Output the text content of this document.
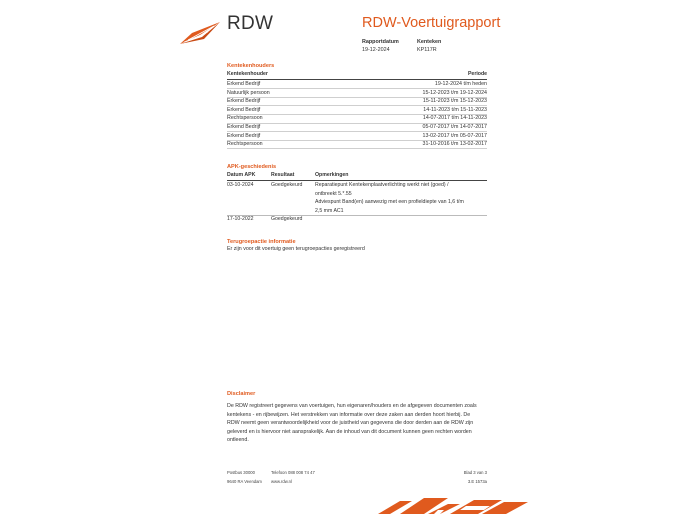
RDW	RDW-Voertuigrapport
Rapportdatum
19-12-2024
Kenteken
KP117R
Kentekenhouders
Kentekenhouder	Periode
Erkend Bedrijf	19-12-2024 t/m heden
Natuurlijk persoon	15-12-2023 t/m 19-12-2024
Erkend Bedrijf	15-11-2023 t/m 15-12-2023
Erkend Bedrijf	14-11-2023 t/m 15-11-2023
Rechtspersoon	14-07-2017 t/m 14-11-2023
Erkend Bedrijf	05-07-2017 t/m 14-07-2017
Erkend Bedrijf	13-02-2017 t/m 05-07-2017
Rechtspersoon	31-10-2016 t/m 13-02-2017
APK-geschiedenis
Datum APK	Resultaat	Opmerkingen
03-10-2024	Goedgekeurd Reparatiepunt Kentekenplaatverlichting werkt niet (goed) /
ontbreekt 5.*.55
Adviespunt Band(en) aanwezig met een profieldiepte van 1,6 t/m
2,5 mm AC1
17-10-2022	Goedgekeurd
Terugroepactie informatie
Er zijn voor dit voertuig geen terugroepacties geregistreerd
Disclaimer
De RDW registreert gegevens van voertuigen, hun eigenaren/houders en de afgegeven documenten zoals
kentekens - en rijbewijzen. Het verstrekken van informatie over deze zaken aan derden hoort hierbij. De
RDW neemt geen verantwoordelijkheid voor de juistheid van gegevens die door derden aan de RDW zijn
geleverd en is hiervoor niet aansprakelijk. Aan de inhoud van dit document kunnen geen rechten worden
ontleend.
Postbus 30000
9640 RA Veendam
Telefoon 088 008 74 47
www.rdw.nl
Blad 3 van 3
3.E 1573a
